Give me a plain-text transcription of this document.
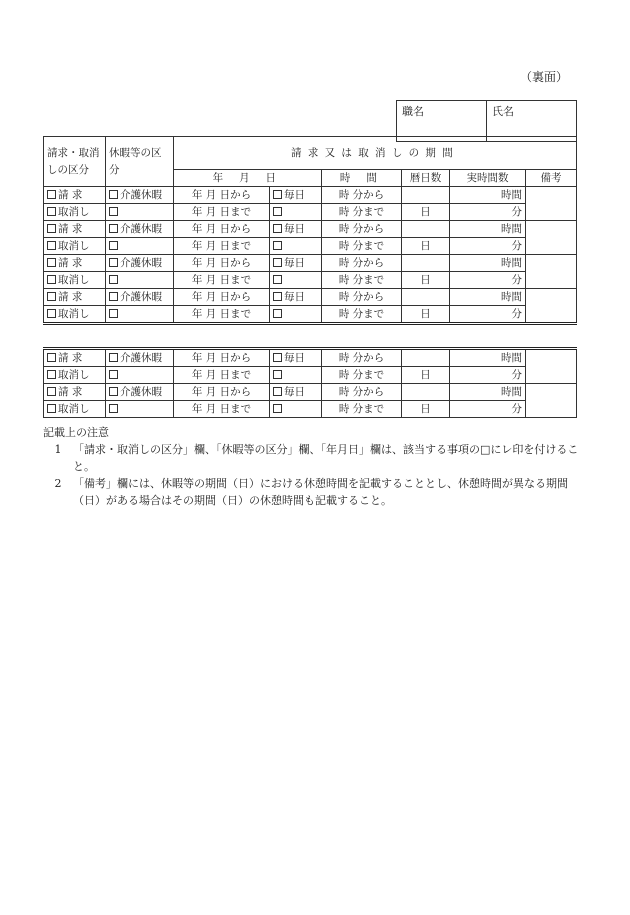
（裏面）
職名	氏名
請求・取消しの区分	休暇等の区分	請求又は取消しの期間					
		年 月 日		時 間	暦日数	実時間数	備考
請 求	介護休暇	年 月 日から	毎日	時 分から		時間	
取消し		年 月 日まで		時 分まで	日	分	
請 求	介護休暇	年 月 日から	毎日	時 分から		時間	
取消し		年 月 日まで		時 分まで	日	分	
請 求	介護休暇	年 月 日から	毎日	時 分から		時間	
取消し		年 月 日まで		時 分まで	日	分	
請 求	介護休暇	年 月 日から	毎日	時 分から		時間	
取消し		年 月 日まで		時 分まで	日	分	
請 求	介護休暇	年 月 日から	毎日	時 分から		時間	
取消し		年 月 日まで		時 分まで	日	分	
請 求	介護休暇	年 月 日から	毎日	時 分から		時間	
取消し		年 月 日まで		時 分まで	日	分	
記載上の注意
1	「請求・取消しの区分」欄、「休暇等の区分」欄、「年月日」欄は、該当する事項の□にレ印を付けること。
2	「備考」欄には、休暇等の期間（日）における休憩時間を記載することとし、休憩時間が異なる期間（日）がある場合はその期間（日）の休憩時間も記載すること。
